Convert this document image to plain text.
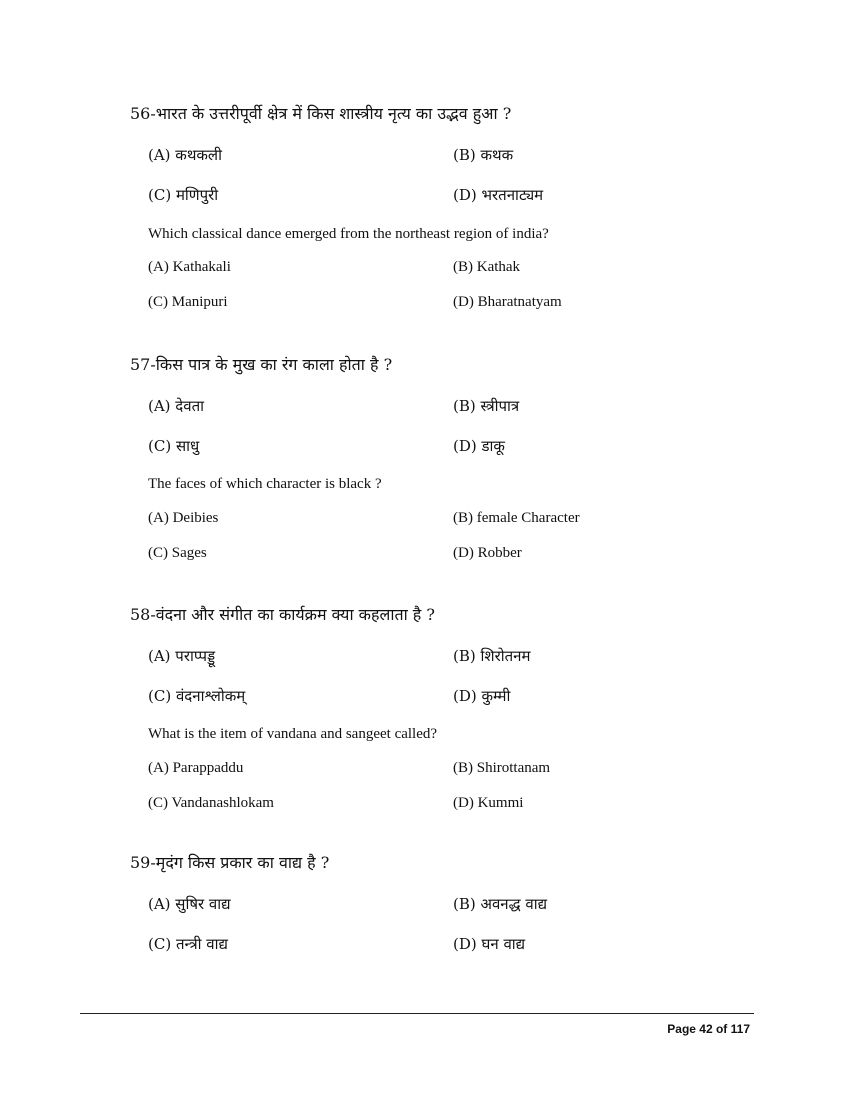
56-भारत के उत्तरीपूर्वी क्षेत्र में किस शास्त्रीय नृत्य का उद्भव हुआ ?
(A) कथकली	(B) कथक
(C) मणिपुरी	(D) भरतनाट्यम
Which classical dance emerged from the northeast region of india?
(A) Kathakali	(B) Kathak
(C) Manipuri	(D) Bharatnatyam
57-किस पात्र के मुख का रंग काला होता है ?
(A) देवता	(B) स्त्रीपात्र
(C) साधु	(D) डाकू
The faces of which character is black ?
(A) Deibies	(B) female Character
(C) Sages	(D) Robber
58-वंदना और संगीत का कार्यक्रम क्या कहलाता है ?
(A) पराप्पड्डू	(B) शिरोतनम
(C) वंदनाश्लोकम्	(D) कुम्मी
What is the item of vandana and sangeet called?
(A) Parappaddu	(B) Shirottanam
(C) Vandanashlokam	(D) Kummi
59-मृदंग किस प्रकार का वाद्य है ?
(A) सुषिर वाद्य	(B) अवनद्ध वाद्य
(C) तन्त्री वाद्य	(D) घन वाद्य
Page 42 of 117
